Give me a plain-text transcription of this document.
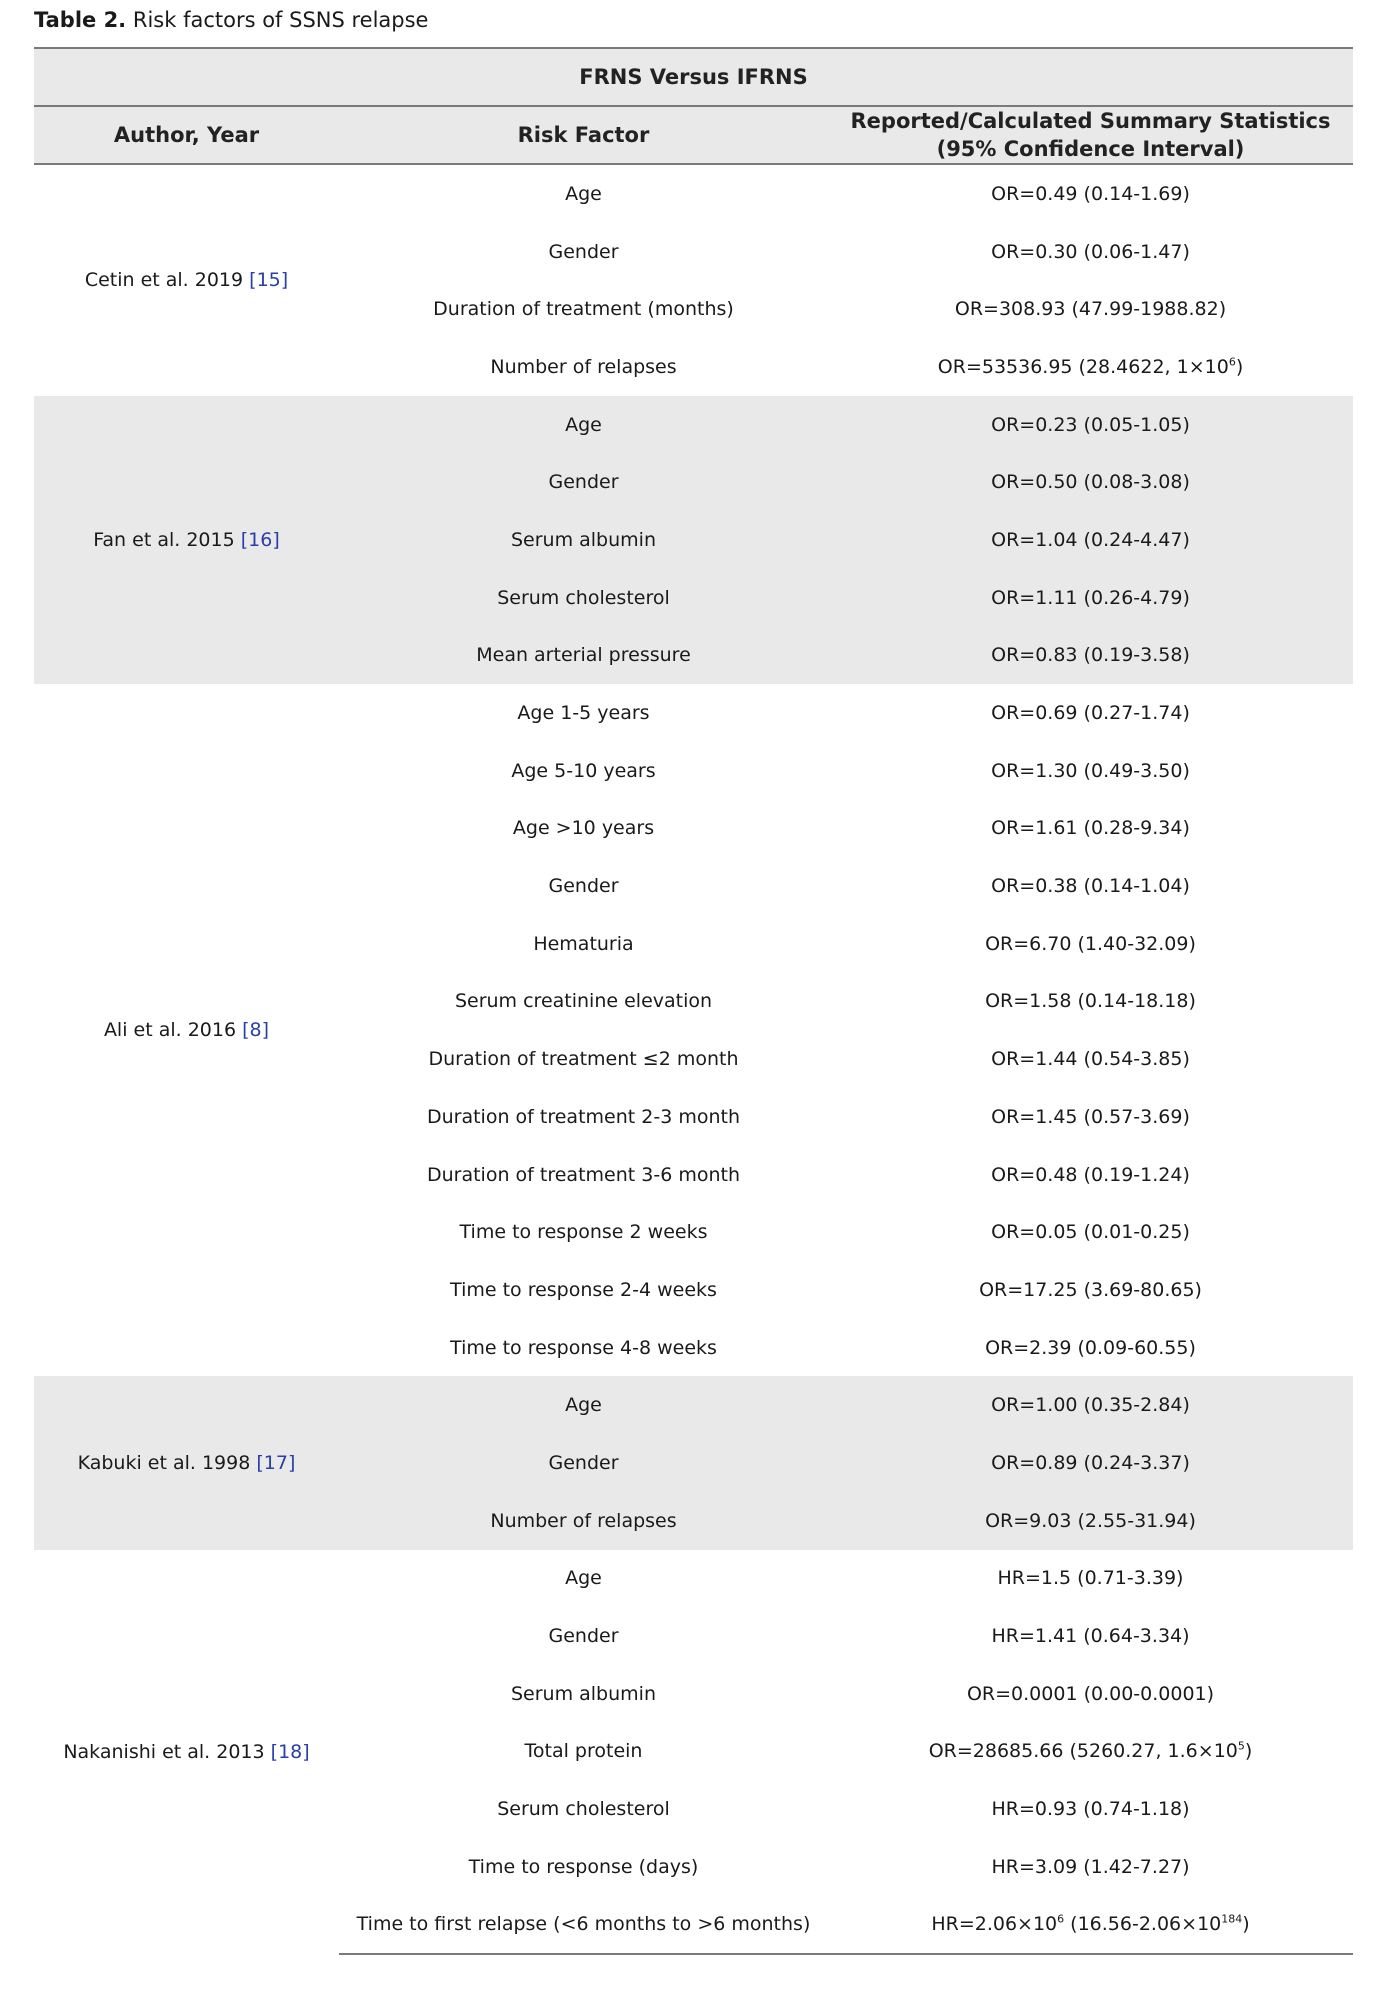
Table 2. Risk factors of SSNS relapse
FRNS Versus IFRNS		
Author, Year	Risk Factor	Reported/Calculated Summary Statistics
(95% Confidence Interval)
Cetin et al. 2019 [15]	Age	OR=0.49 (0.14-1.69)
	Gender	OR=0.30 (0.06-1.47)
	Duration of treatment (months)	OR=308.93 (47.99-1988.82)
	Number of relapses	OR=53536.95 (28.4622, $1\times 10^6$)
Fan et al. 2015 [16]	Age	OR=0.23 (0.05-1.05)
	Gender	OR=0.50 (0.08-3.08)
	Serum albumin	OR=1.04 (0.24-4.47)
	Serum cholesterol	OR=1.11 (0.26-4.79)
	Mean arterial pressure	OR=0.83 (0.19-3.58)
Ali et al. 2016 [8]	Age 1-5 years	OR=0.69 (0.27-1.74)
	Age 5-10 years	OR=1.30 (0.49-3.50)
	Age >10 years	OR=1.61 (0.28-9.34)
	Gender	OR=0.38 (0.14-1.04)
	Hematuria	OR=6.70 (1.40-32.09)
	Serum creatinine elevation	OR=1.58 (0.14-18.18)
	Duration of treatment ≤2 month	OR=1.44 (0.54-3.85)
	Duration of treatment 2-3 month	OR=1.45 (0.57-3.69)
	Duration of treatment 3-6 month	OR=0.48 (0.19-1.24)
	Time to response 2 weeks	OR=0.05 (0.01-0.25)
	Time to response 2-4 weeks	OR=17.25 (3.69-80.65)
	Time to response 4-8 weeks	OR=2.39 (0.09-60.55)
Kabuki et al. 1998 [17]	Age	OR=1.00 (0.35-2.84)
	Gender	OR=0.89 (0.24-3.37)
	Number of relapses	OR=9.03 (2.55-31.94)
Nakanishi et al. 2013 [18]	Age	HR=1.5 (0.71-3.39)
	Gender	HR=1.41 (0.64-3.34)
	Serum albumin	OR=0.0001 (0.00-0.0001)
	Total protein	OR=28685.66 (5260.27, $1.6\times 10^5$)
	Serum cholesterol	HR=0.93 (0.74-1.18)
	Time to response (days)	HR=3.09 (1.42-7.27)
	Time to first relapse (<6 months to >6 months)	$HR=2.06\times 10^6$ $(16.56-2.06\times 10^{184})$
